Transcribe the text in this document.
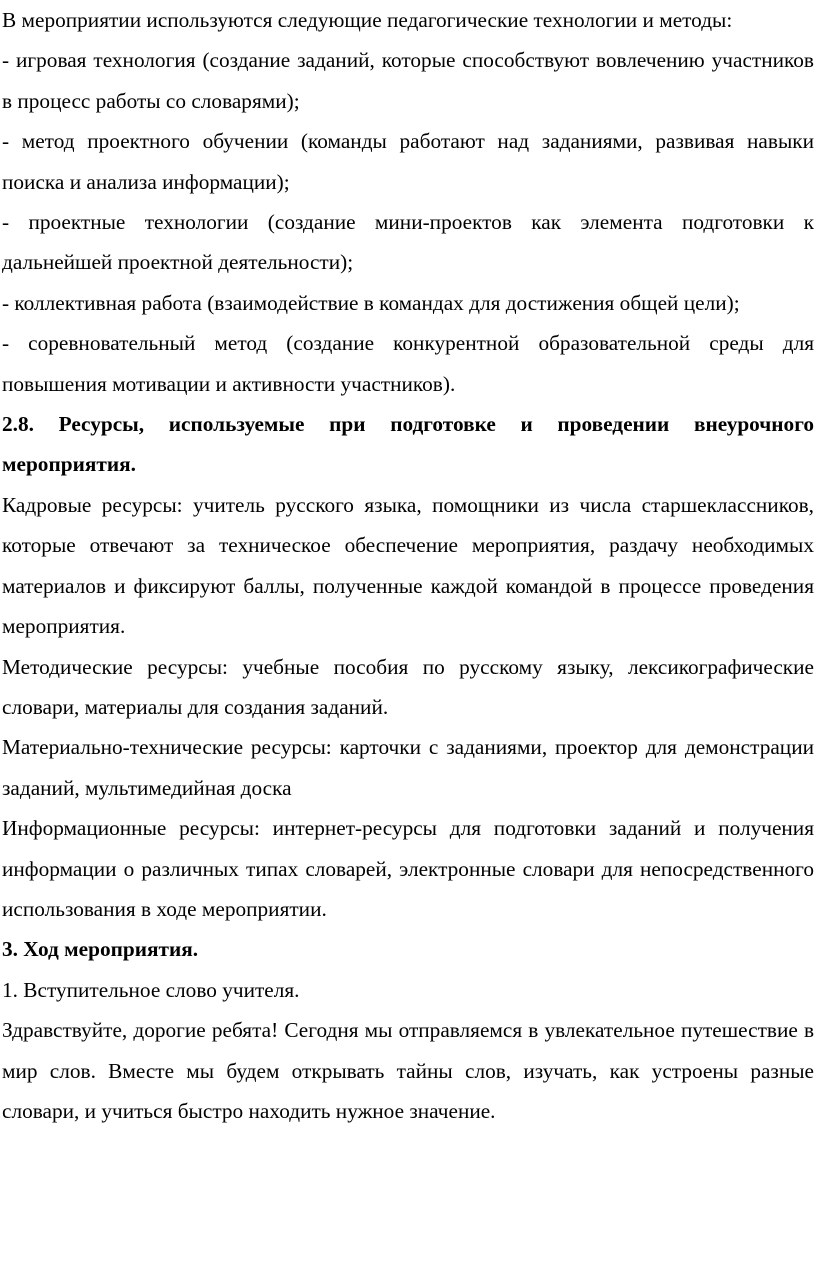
В мероприятии используются следующие педагогические технологии и методы:

- игровая технология (создание заданий, которые способствуют вовлечению участников в процесс работы со словарями);

- метод проектного обучении (команды работают над заданиями, развивая навыки поиска и анализа информации);

- проектные технологии (создание мини-проектов как элемента подготовки к дальнейшей проектной деятельности);

- коллективная работа (взаимодействие в командах для достижения общей цели);

- соревновательный метод (создание конкурентной образовательной среды для повышения мотивации и активности участников).

2.8. Ресурсы, используемые при подготовке и проведении внеурочного мероприятия.

Кадровые ресурсы: учитель русского языка, помощники из числа старшеклассников, которые отвечают за техническое обеспечение мероприятия, раздачу необходимых материалов и фиксируют баллы, полученные каждой командой в процессе проведения мероприятия.

Методические ресурсы: учебные пособия по русскому языку, лексикографические словари, материалы для создания заданий.

Материально-технические ресурсы: карточки с заданиями, проектор для демонстрации заданий, мультимедийная доска

Информационные ресурсы: интернет-ресурсы для подготовки заданий и получения информации о различных типах словарей, электронные словари для непосредственного использования в ходе мероприятии.

3. Ход мероприятия.

1. Вступительное слово учителя.

Здравствуйте, дорогие ребята! Сегодня мы отправляемся в увлекательное путешествие в мир слов. Вместе мы будем открывать тайны слов, изучать, как устроены разные словари, и учиться быстро находить нужное значение.
